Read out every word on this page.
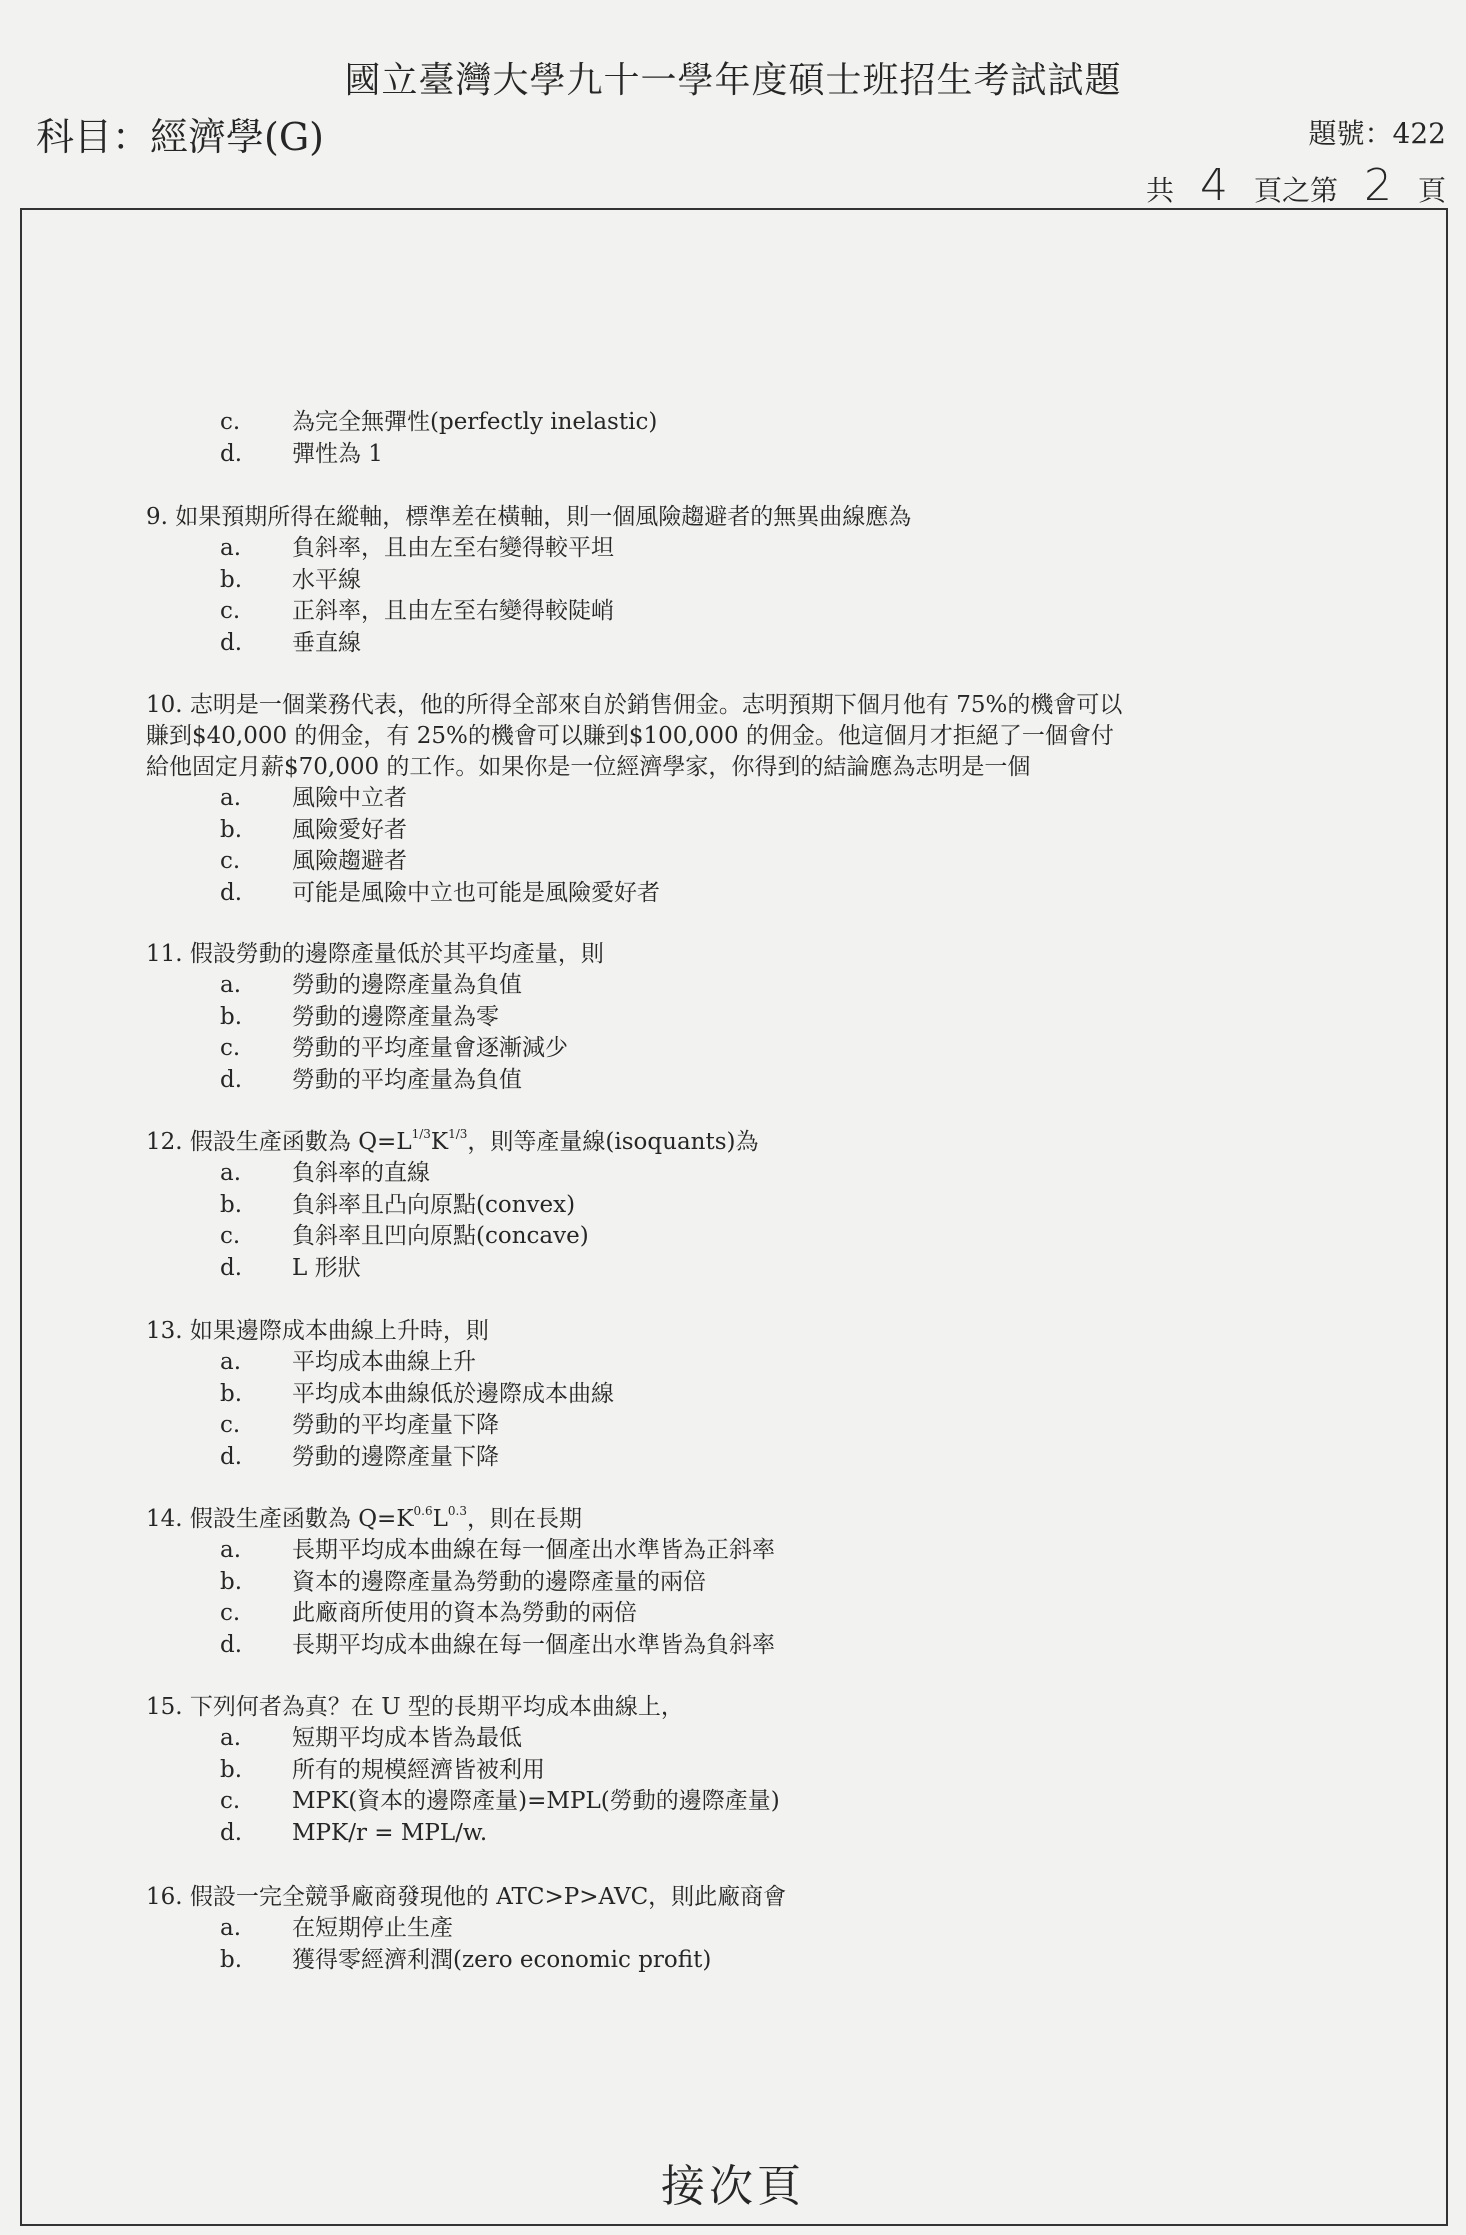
國立臺灣大學九十一學年度碩士班招生考試試題
科目：經濟學(G)	題號：422
共 4 頁之第 2 頁
c.	為完全無彈性(perfectly inelastic)
d.	彈性為 1
9. 如果預期所得在縱軸，標準差在橫軸，則一個風險趨避者的無異曲線應為
a.	負斜率，且由左至右變得較平坦
b.	水平線
c.	正斜率，且由左至右變得較陡峭
d.	垂直線
10. 志明是一個業務代表，他的所得全部來自於銷售佣金。志明預期下個月他有 75%的機會可以
賺到$40,000 的佣金，有 25%的機會可以賺到$100,000 的佣金。他這個月才拒絕了一個會付
給他固定月薪$70,000 的工作。如果你是一位經濟學家，你得到的結論應為志明是一個
a.	風險中立者
b.	風險愛好者
c.	風險趨避者
d.	可能是風險中立也可能是風險愛好者
11. 假設勞動的邊際產量低於其平均產量，則
a.	勞動的邊際產量為負值
b.	勞動的邊際產量為零
c.	勞動的平均產量會逐漸減少
d.	勞動的平均產量為負值
12. 假設生產函數為 $Q=L^{1/3}K^{1/3}$，則等產量線(isoquants)為
a.	負斜率的直線
b.	負斜率且凸向原點(convex)
c.	負斜率且凹向原點(concave)
d.	L 形狀
13. 如果邊際成本曲線上升時，則
a.	平均成本曲線上升
b.	平均成本曲線低於邊際成本曲線
c.	勞動的平均產量下降
d.	勞動的邊際產量下降
14. 假設生產函數為 $Q=K^{0.6}L^{0.3}$，則在長期
a.	長期平均成本曲線在每一個產出水準皆為正斜率
b.	資本的邊際產量為勞動的邊際產量的兩倍
c.	此廠商所使用的資本為勞動的兩倍
d.	長期平均成本曲線在每一個產出水準皆為負斜率
15. 下列何者為真？在 U 型的長期平均成本曲線上，
a.	短期平均成本皆為最低
b.	所有的規模經濟皆被利用
c.	MPK(資本的邊際產量)=MPL(勞動的邊際產量)
d.	MPK/r = MPL/w.
16. 假設一完全競爭廠商發現他的 ATC>P>AVC，則此廠商會
a.	在短期停止生產
b.	獲得零經濟利潤(zero economic profit)
接次頁
